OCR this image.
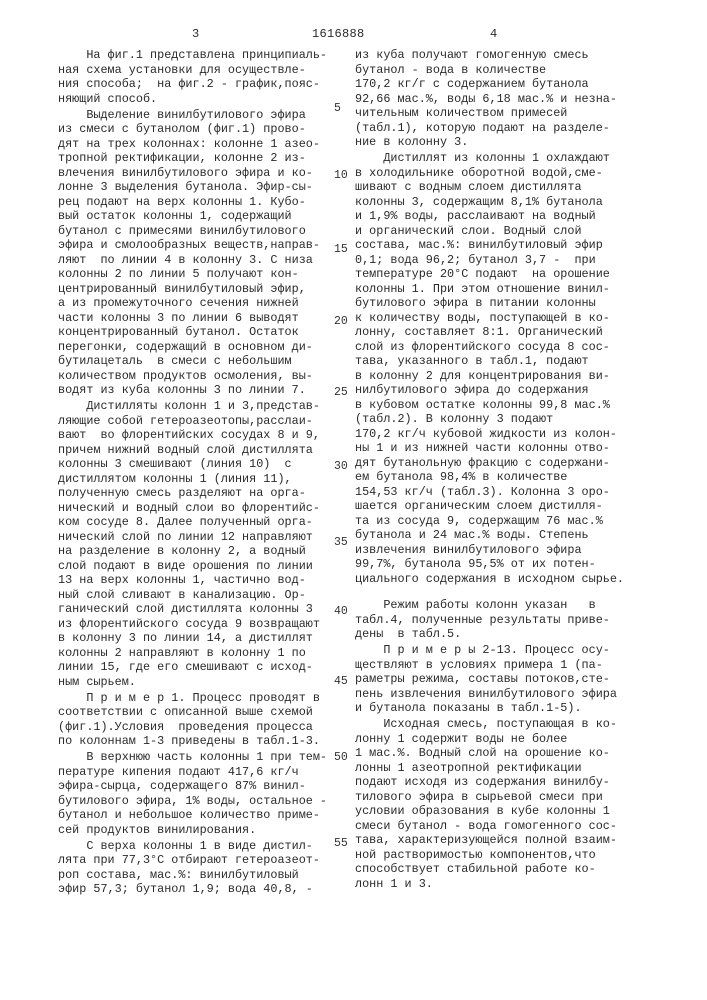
3	1616888	4
5
10
15
20
25
30
35
40
45
50
55
На фиг.1 представлена принципиаль-
ная схема установки для осуществле-
ния способа;  на фиг.2 - график,пояс-
няющий способ.
Выделение винилбутилового эфира
из смеси с бутанолом (фиг.1) прово-
дят на трех колоннах: колонне 1 азео-
тропной ректификации, колонне 2 из-
влечения винилбутилового эфира и ко-
лонне 3 выделения бутанола. Эфир-сы-
рец подают на верх колонны 1. Кубо-
вый остаток колонны 1, содержащий
бутанол с примесями винилбутилового
эфира и смолообразных веществ,направ-
ляют  по линии 4 в колонну 3. С низа
колонны 2 по линии 5 получают кон-
центрированный винилбутиловый эфир,
а из промежуточного сечения нижней
части колонны 3 по линии 6 выводят
концентрированный бутанол. Остаток
перегонки, содержащий в основном ди-
бутилацеталь  в смеси с небольшим
количеством продуктов осмоления, вы-
водят из куба колонны 3 по линии 7.
Дистилляты колонн 1 и 3,представ-
ляющие собой гетероазеотопы,расслаи-
вают  во флорентийских сосудах 8 и 9,
причем нижний водный слой дистиллята
колонны 3 смешивают (линия 10)  с
дистиллятом колонны 1 (линия 11),
полученную смесь разделяют на орга-
нический и водный слои во флорентийс-
ком сосуде 8. Далее полученный орга-
нический слой по линии 12 направляют
на разделение в колонну 2, а водный
слой подают в виде орошения по линии
13 на верх колонны 1, частично вод-
ный слой сливают в канализацию. Ор-
ганический слой дистиллята колонны 3
из флорентийского сосуда 9 возвращают
в колонну 3 по линии 14, а дистиллят
колонны 2 направляют в колонну 1 по
линии 15, где его смешивают с исход-
ным сырьем.
П р и м е р 1. Процесс проводят в
соответствии с описанной выше схемой
(фиг.1).Условия  проведения процесса
по колоннам 1-3 приведены в табл.1-3.
В верхнюю часть колонны 1 при тем-
пературе кипения подают 417,6 кг/ч
эфира-сырца, содержащего 87% винил-
бутилового эфира, 1% воды, остальное -
бутанол и небольшое количество приме-
сей продуктов винилирования.
С верха колонны 1 в виде дистил-
лята при 77,3°С отбирают гетероазеот-
роп состава, мас.%: винилбутиловый
эфир 57,3; бутанол 1,9; вода 40,8, -
из куба получают гомогенную смесь
бутанол - вода в количестве
170,2 кг/г с содержанием бутанола
92,66 мас.%, воды 6,18 мас.% и незна-
чительным количеством примесей
(табл.1), которую подают на разделе-
ние в колонну 3.
Дистиллят из колонны 1 охлаждают
в холодильнике оборотной водой,сме-
шивают с водным слоем дистиллята
колонны 3, содержащим 8,1% бутанола
и 1,9% воды, расслаивают на водный
и органический слои. Водный слой
состава, мас.%: винилбутиловый эфир
0,1; вода 96,2; бутанол 3,7 -  при
температуре 20°С подают  на орошение
колонны 1. При этом отношение винил-
бутилового эфира в питании колонны
к количеству воды, поступающей в ко-
лонну, составляет 8:1. Органический
слой из флорентийского сосуда 8 сос-
тава, указанного в табл.1, подают
в колонну 2 для концентрирования ви-
нилбутилового эфира до содержания
в кубовом остатке колонны 99,8 мас.%
(табл.2). В колонну 3 подают
170,2 кг/ч кубовой жидкости из колон-
ны 1 и из нижней части колонны отво-
дят бутанольную фракцию с содержани-
ем бутанола 98,4% в количестве
154,53 кг/ч (табл.3). Колонна 3 оро-
шается органическим слоем дистилля-
та из сосуда 9, содержащим 76 мас.%
бутанола и 24 мас.% воды. Степень
извлечения винилбутилового эфира
99,7%, бутанола 95,5% от их потен-
циального содержания в исходном сырье.
Режим работы колонн указан   в
табл.4, полученные результаты приве-
дены  в табл.5.
П р и м е р ы 2-13. Процесс осу-
ществляют в условиях примера 1 (па-
раметры режима, составы потоков,сте-
пень извлечения винилбутилового эфира
и бутанола показаны в табл.1-5).
Исходная смесь, поступающая в ко-
лонну 1 содержит воды не более
1 мас.%. Водный слой на орошение ко-
лонны 1 азеотропной ректификации
подают исходя из содержания винилбу-
тилового эфира в сырьевой смеси при
условии образования в кубе колонны 1
смеси бутанол - вода гомогенного сос-
тава, характеризующейся полной взаим-
ной растворимостью компонентов,что
способствует стабильной работе ко-
лонн 1 и 3.
